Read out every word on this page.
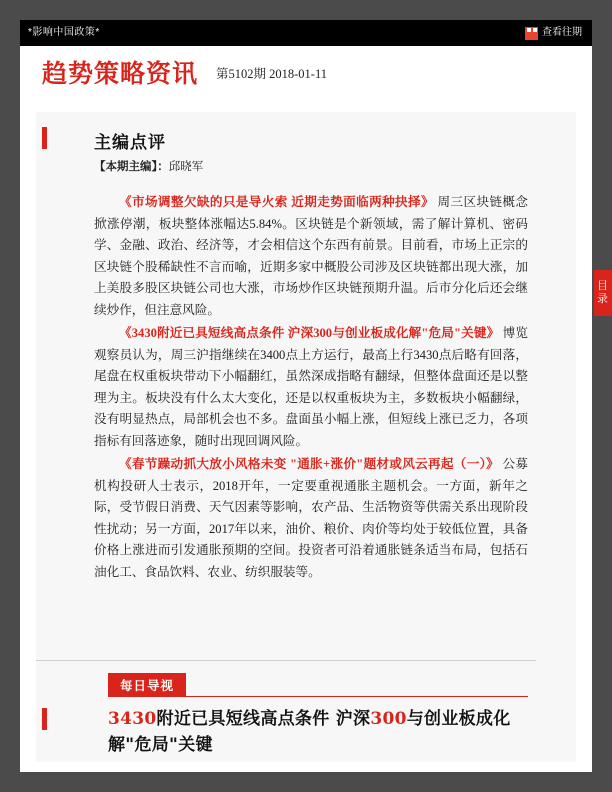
*影响中国政策*	查看往期
趋势策略资讯 第5102期 2018-01-11
主编点评
【本期主编】：邱晓军

《市场调整欠缺的只是导火索 近期走势面临两种抉择》 周三区块链概念掀涨停潮，板块整体涨幅达5.84%。区块链是个新领域，需了解计算机、密码学、金融、政治、经济等，才会相信这个东西有前景。目前看，市场上正宗的区块链个股稀缺性不言而喻，近期多家中概股公司涉及区块链都出现大涨，加上美股多股区块链公司也大涨，市场炒作区块链预期升温。后市分化后还会继续炒作，但注意风险。

《3430附近已具短线高点条件 沪深300与创业板成化解"危局"关键》 博览观察员认为，周三沪指继续在3400点上方运行，最高上行3430点后略有回落，尾盘在权重板块带动下小幅翻红，虽然深成指略有翻绿，但整体盘面还是以整理为主。板块没有什么太大变化，还是以权重板块为主，多数板块小幅翻绿，没有明显热点，局部机会也不多。盘面虽小幅上涨，但短线上涨已乏力，各项指标有回落迹象，随时出现回调风险。

《春节躁动抓大放小风格未变 "通胀+涨价"题材或风云再起（一）》 公募机构投研人士表示，2018开年，一定要重视通胀主题机会。一方面，新年之际，受节假日消费、天气因素等影响，农产品、生活物资等供需关系出现阶段性扰动；另一方面，2017年以来，油价、粮价、肉价等均处于较低位置，具备价格上涨进而引发通胀预期的空间。投资者可沿着通胀链条适当布局，包括石油化工、食品饮料、农业、纺织服装等。

每日导视
3430附近已具短线高点条件 沪深300与创业板成化解"危局"关键
目录
